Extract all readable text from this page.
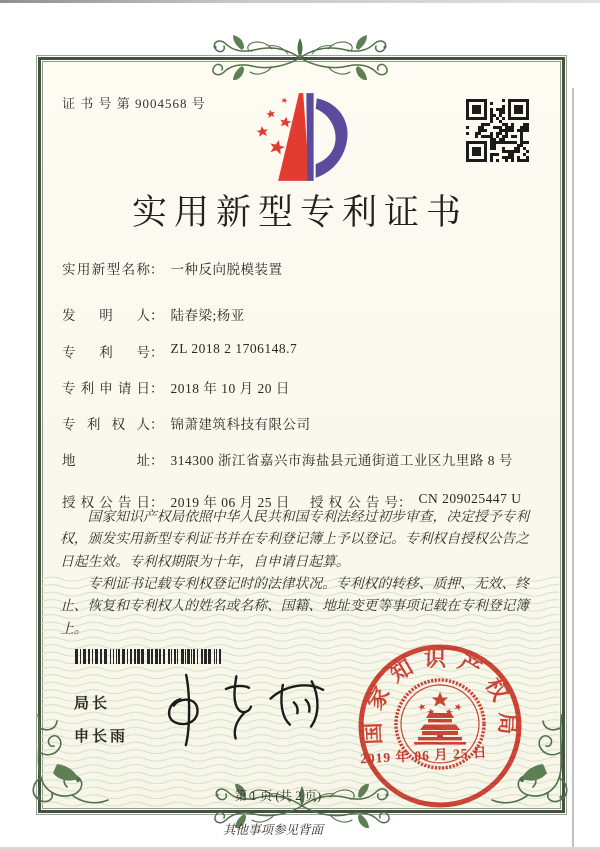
证 书 号 第 9004568 号
实用新型专利证书
实用新型名称： 一种反向脱模装置
发明人： 陆春梁;杨亚
专利号： ZL 2018 2 1706148.7
专利申请日： 2018 年 10 月 20 日
专利权人： 锦萧建筑科技有限公司
地址： 314300 浙江省嘉兴市海盐县元通街道工业区九里路 8 号
授权公告日： 2019 年 06 月 25 日 授权公告号： CN 209025447 U

国家知识产权局依照中华人民共和国专利法经过初步审查，决定授予专利权，颁发实用新型专利证书并在专利登记簿上予以登记。专利权自授权公告之日起生效。专利权期限为十年，自申请日起算。

专利证书记载专利权登记时的法律状况。专利权的转移、质押、无效、终止、恢复和专利权人的姓名或名称、国籍、地址变更等事项记载在专利登记簿上。

局长
申长雨	国家知识产权局
2019 年 06 月 25 日
第 1 页 (共 2 页)
其他事项参见背面
